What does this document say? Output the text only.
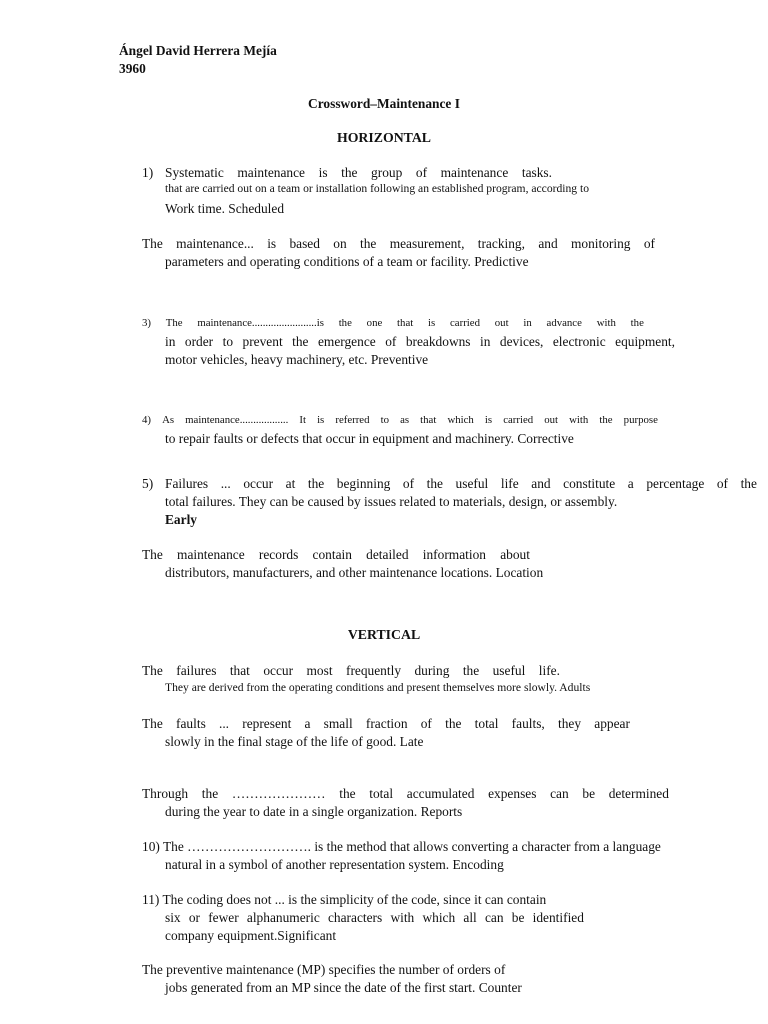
Ángel David Herrera Mejía
3960
Crossword–Maintenance I
HORIZONTAL
1) Systematic maintenance is the group of maintenance tasks.
that are carried out on a team or installation following an established program, according to
Work time. Scheduled
The maintenance... is based on the measurement, tracking, and monitoring of
parameters and operating conditions of a team or facility. Predictive
3) The maintenance........................is the one that is carried out in advance with the
in order to prevent the emergence of breakdowns in devices, electronic equipment,
motor vehicles, heavy machinery, etc. Preventive
4) As maintenance.................. It is referred to as that which is carried out with the purpose
to repair faults or defects that occur in equipment and machinery. Corrective
5) Failures ... occur at the beginning of the useful life and constitute a percentage of the
total failures. They can be caused by issues related to materials, design, or assembly.
Early
The maintenance records contain detailed information about
distributors, manufacturers, and other maintenance locations. Location
VERTICAL
The failures that occur most frequently during the useful life.
They are derived from the operating conditions and present themselves more slowly. Adults
The faults ... represent a small fraction of the total faults, they appear
slowly in the final stage of the life of good. Late
Through the ………………… the total accumulated expenses can be determined
during the year to date in a single organization. Reports
10) The ………………………. is the method that allows converting a character from a language
natural in a symbol of another representation system. Encoding
11) The coding does not ... is the simplicity of the code, since it can contain
six or fewer alphanumeric characters with which all can be identified
company equipment.Significant
The preventive maintenance (MP) specifies the number of orders of
jobs generated from an MP since the date of the first start. Counter
